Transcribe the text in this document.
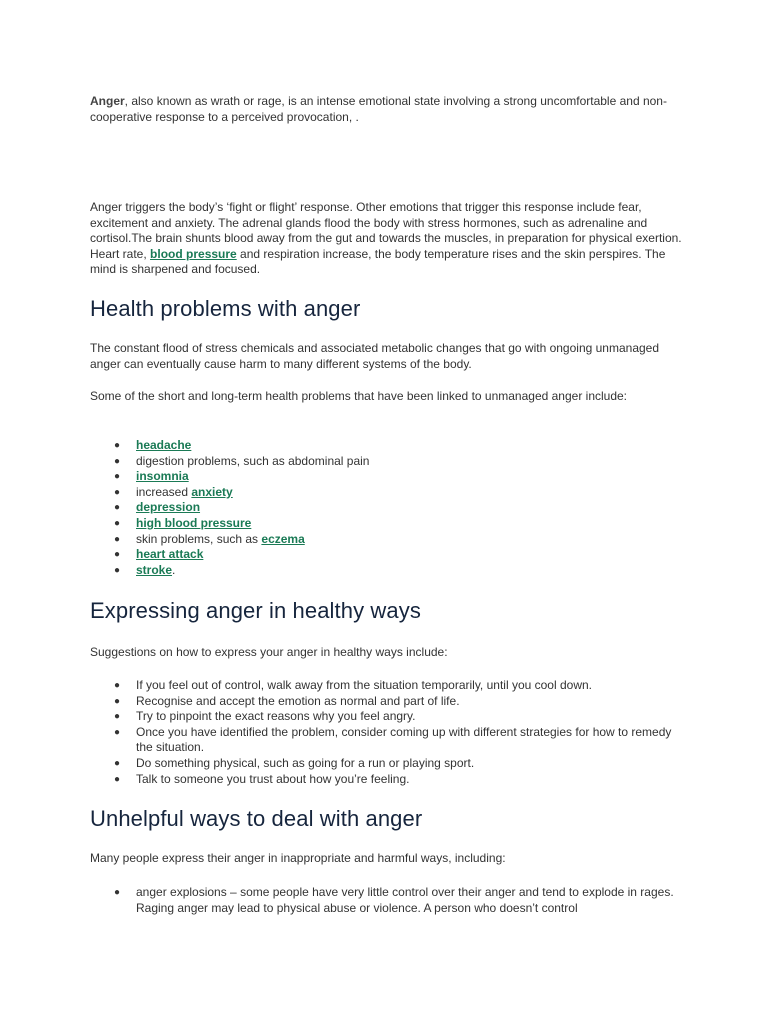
Anger, also known as wrath or rage, is an intense emotional state involving a strong uncomfortable and non-cooperative response to a perceived provocation, .

Anger triggers the body’s ‘fight or flight’ response. Other emotions that trigger this response include fear, excitement and anxiety. The adrenal glands flood the body with stress hormones, such as adrenaline and cortisol.The brain shunts blood away from the gut and towards the muscles, in preparation for physical exertion. Heart rate, blood pressure and respiration increase, the body temperature rises and the skin perspires. The mind is sharpened and focused.

Health problems with anger

The constant flood of stress chemicals and associated metabolic changes that go with ongoing unmanaged anger can eventually cause harm to many different systems of the body.

Some of the short and long-term health problems that have been linked to unmanaged anger include:

● headache
● digestion problems, such as abdominal pain
● insomnia
● increased anxiety
● depression
● high blood pressure
● skin problems, such as eczema
● heart attack
● stroke.
Expressing anger in healthy ways

Suggestions on how to express your anger in healthy ways include:

● If you feel out of control, walk away from the situation temporarily, until you cool down.
● Recognise and accept the emotion as normal and part of life.
● Try to pinpoint the exact reasons why you feel angry.
● Once you have identified the problem, consider coming up with different strategies for how to remedy the situation.
● Do something physical, such as going for a run or playing sport.
● Talk to someone you trust about how you’re feeling.
Unhelpful ways to deal with anger

Many people express their anger in inappropriate and harmful ways, including:

● anger explosions – some people have very little control over their anger and tend to explode in rages. Raging anger may lead to physical abuse or violence. A person who doesn’t control
